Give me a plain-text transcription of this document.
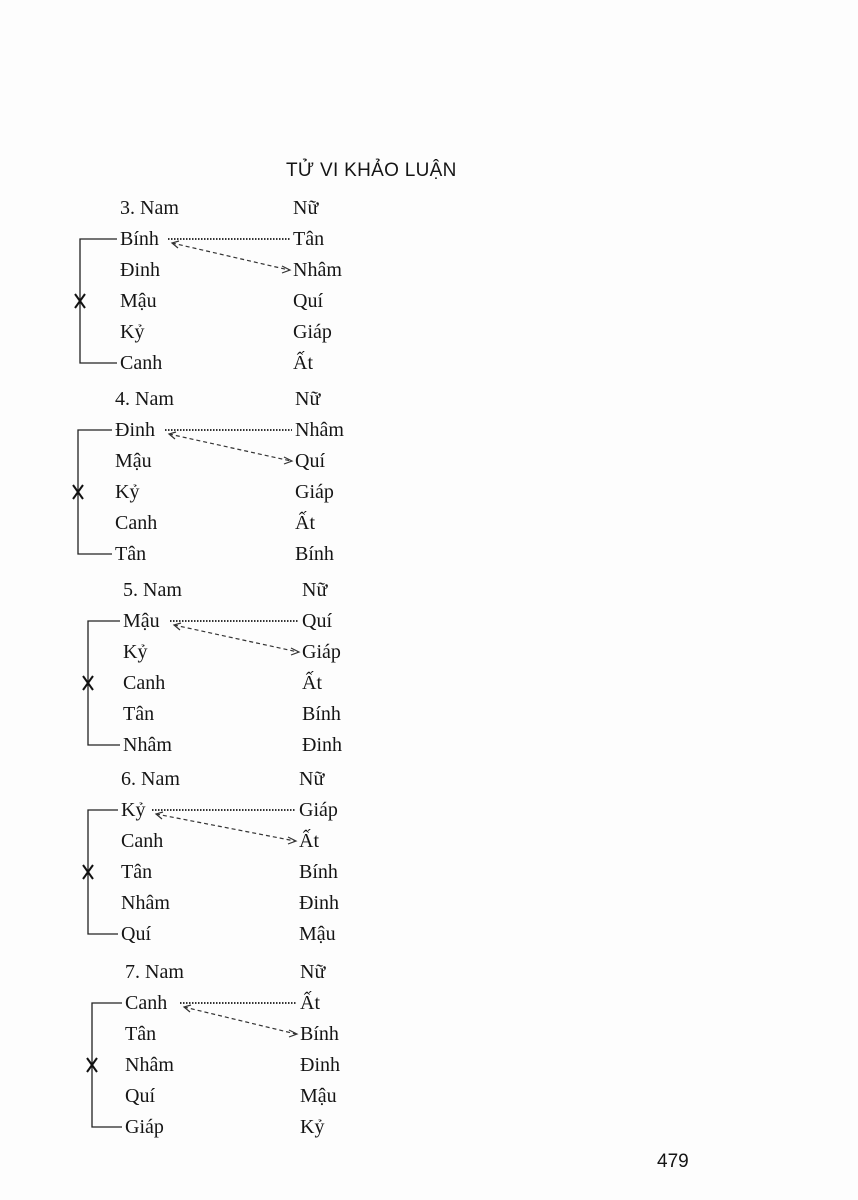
TỬ VI KHẢO LUẬN
3. Nam	Nữ
Bính	Tân
Đinh	Nhâm
Mậu	Quí
Kỷ	Giáp
Canh	Ất
4. Nam	Nữ
Đinh	Nhâm
Mậu	Quí
Kỷ	Giáp
Canh	Ất
Tân	Bính
5. Nam	Nữ
Mậu	Quí
Kỷ	Giáp
Canh	Ất
Tân	Bính
Nhâm	Đinh
6. Nam	Nữ
Kỷ	Giáp
Canh	Ất
Tân	Bính
Nhâm	Đinh
Quí	Mậu
7. Nam	Nữ
Canh	Ất
Tân	Bính
Nhâm	Đinh
Quí	Mậu
Giáp	Kỷ
479
